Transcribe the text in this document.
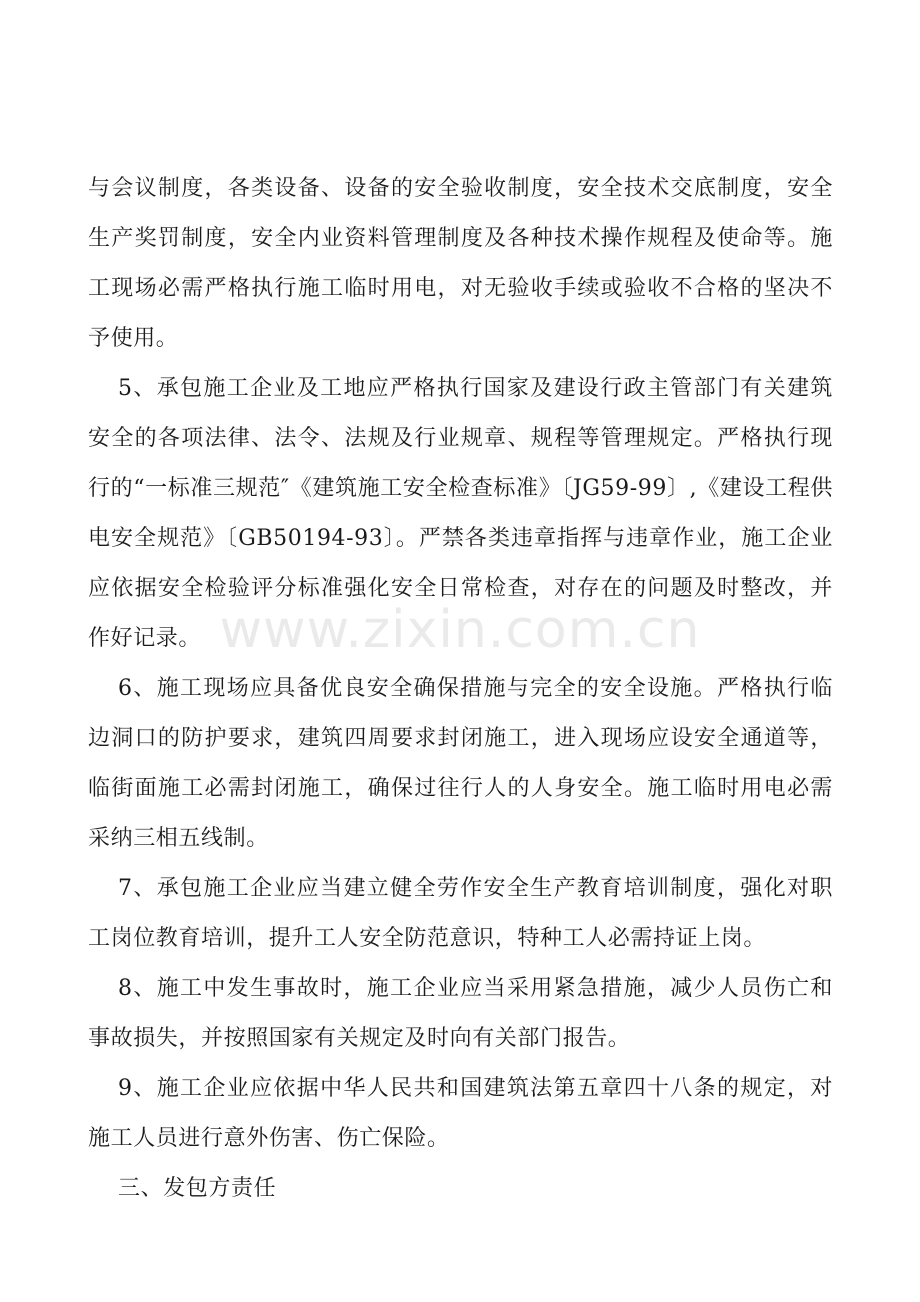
与会议制度，各类设备、设备的安全验收制度，安全技术交底制度，安全生产奖罚制度，安全内业资料管理制度及各种技术操作规程及使命等。施工现场必需严格执行施工临时用电，对无验收手续或验收不合格的坚决不予使用。

5、承包施工企业及工地应严格执行国家及建设行政主管部门有关建筑安全的各项法律、法令、法规及行业规章、规程等管理规定。严格执行现行的“一标准三规范″《建筑施工安全检查标准》〔JG59-99〕,《建设工程供电安全规范》〔GB50194-93〕。严禁各类违章指挥与违章作业，施工企业应依据安全检验评分标准强化安全日常检查，对存在的问题及时整改，并作好记录。

6、施工现场应具备优良安全确保措施与完全的安全设施。严格执行临边洞口的防护要求，建筑四周要求封闭施工，进入现场应设安全通道等，临街面施工必需封闭施工，确保过往行人的人身安全。施工临时用电必需采纳三相五线制。

7、承包施工企业应当建立健全劳作安全生产教育培训制度，强化对职工岗位教育培训，提升工人安全防范意识，特种工人必需持证上岗。

8、施工中发生事故时，施工企业应当采用紧急措施，减少人员伤亡和事故损失，并按照国家有关规定及时向有关部门报告。

9、施工企业应依据中华人民共和国建筑法第五章四十八条的规定，对施工人员进行意外伤害、伤亡保险。

三、发包方责任

www.zixin.com.cn
